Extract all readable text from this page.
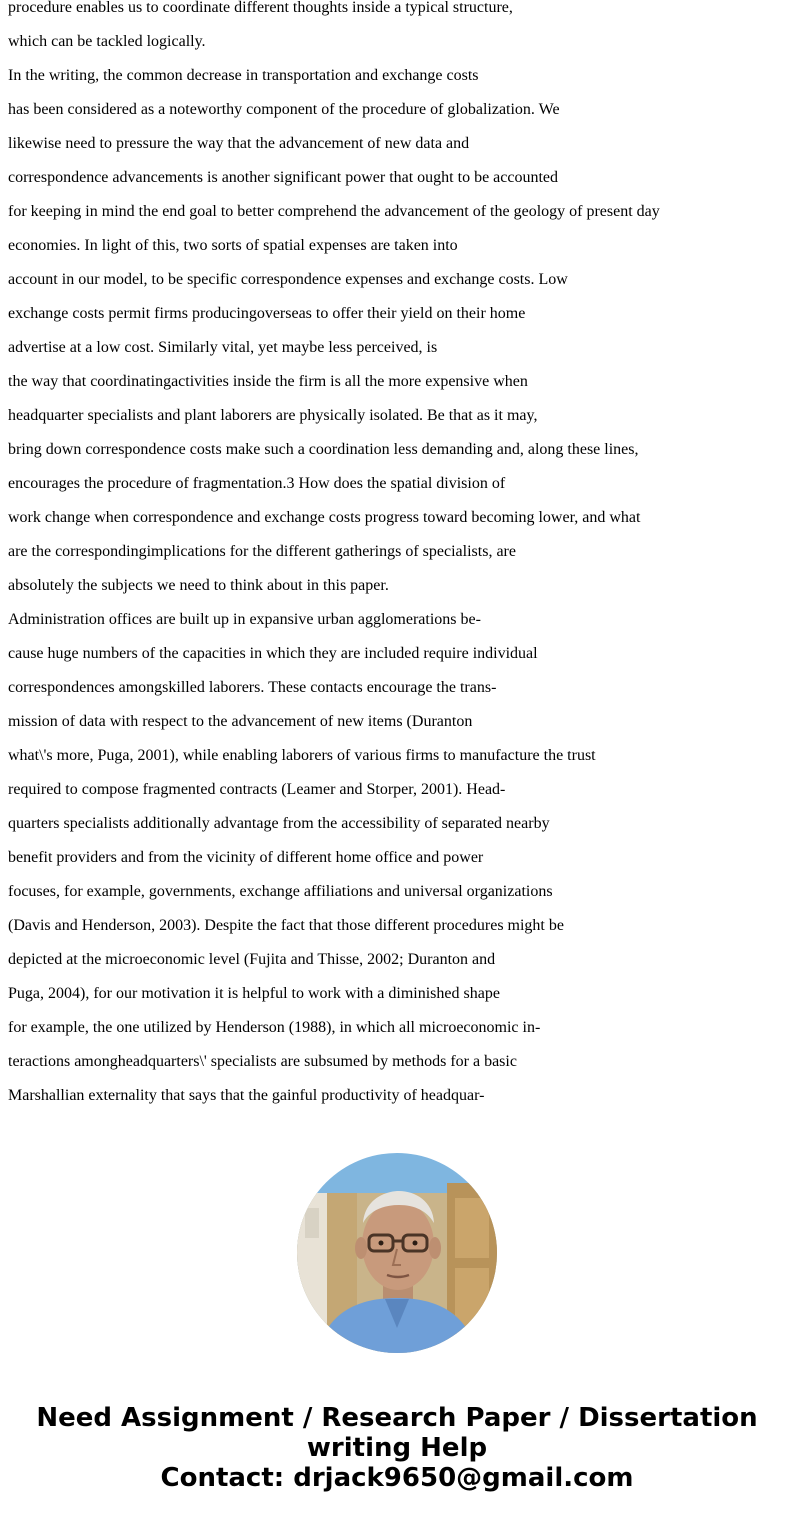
procedure enables us to coordinate different thoughts inside a typical structure,

which can be tackled logically.

In the writing, the common decrease in transportation and exchange costs

has been considered as a noteworthy component of the procedure of globalization. We

likewise need to pressure the way that the advancement of new data and

correspondence advancements is another significant power that ought to be accounted

for keeping in mind the end goal to better comprehend the advancement of the geology of present day

economies. In light of this, two sorts of spatial expenses are taken into

account in our model, to be specific correspondence expenses and exchange costs. Low

exchange costs permit firms producingoverseas to offer their yield on their home

advertise at a low cost. Similarly vital, yet maybe less perceived, is

the way that coordinatingactivities inside the firm is all the more expensive when

headquarter specialists and plant laborers are physically isolated. Be that as it may,

bring down correspondence costs make such a coordination less demanding and, along these lines,

encourages the procedure of fragmentation.3 How does the spatial division of

work change when correspondence and exchange costs progress toward becoming lower, and what

are the correspondingimplications for the different gatherings of specialists, are

absolutely the subjects we need to think about in this paper.

Administration offices are built up in expansive urban agglomerations be-

cause huge numbers of the capacities in which they are included require individual

correspondences amongskilled laborers. These contacts encourage the trans-

mission of data with respect to the advancement of new items (Duranton

what\'s more, Puga, 2001), while enabling laborers of various firms to manufacture the trust

required to compose fragmented contracts (Leamer and Storper, 2001). Head-

quarters specialists additionally advantage from the accessibility of separated nearby

benefit providers and from the vicinity of different home office and power

focuses, for example, governments, exchange affiliations and universal organizations

(Davis and Henderson, 2003). Despite the fact that those different procedures might be

depicted at the microeconomic level (Fujita and Thisse, 2002; Duranton and

Puga, 2004), for our motivation it is helpful to work with a diminished shape

for example, the one utilized by Henderson (1988), in which all microeconomic in-

teractions amongheadquarters\' specialists are subsumed by methods for a basic

Marshallian externality that says that the gainful productivity of headquar-

Need Assignment / Research Paper / Dissertation
writing Help
Contact: drjack9650@gmail.com
